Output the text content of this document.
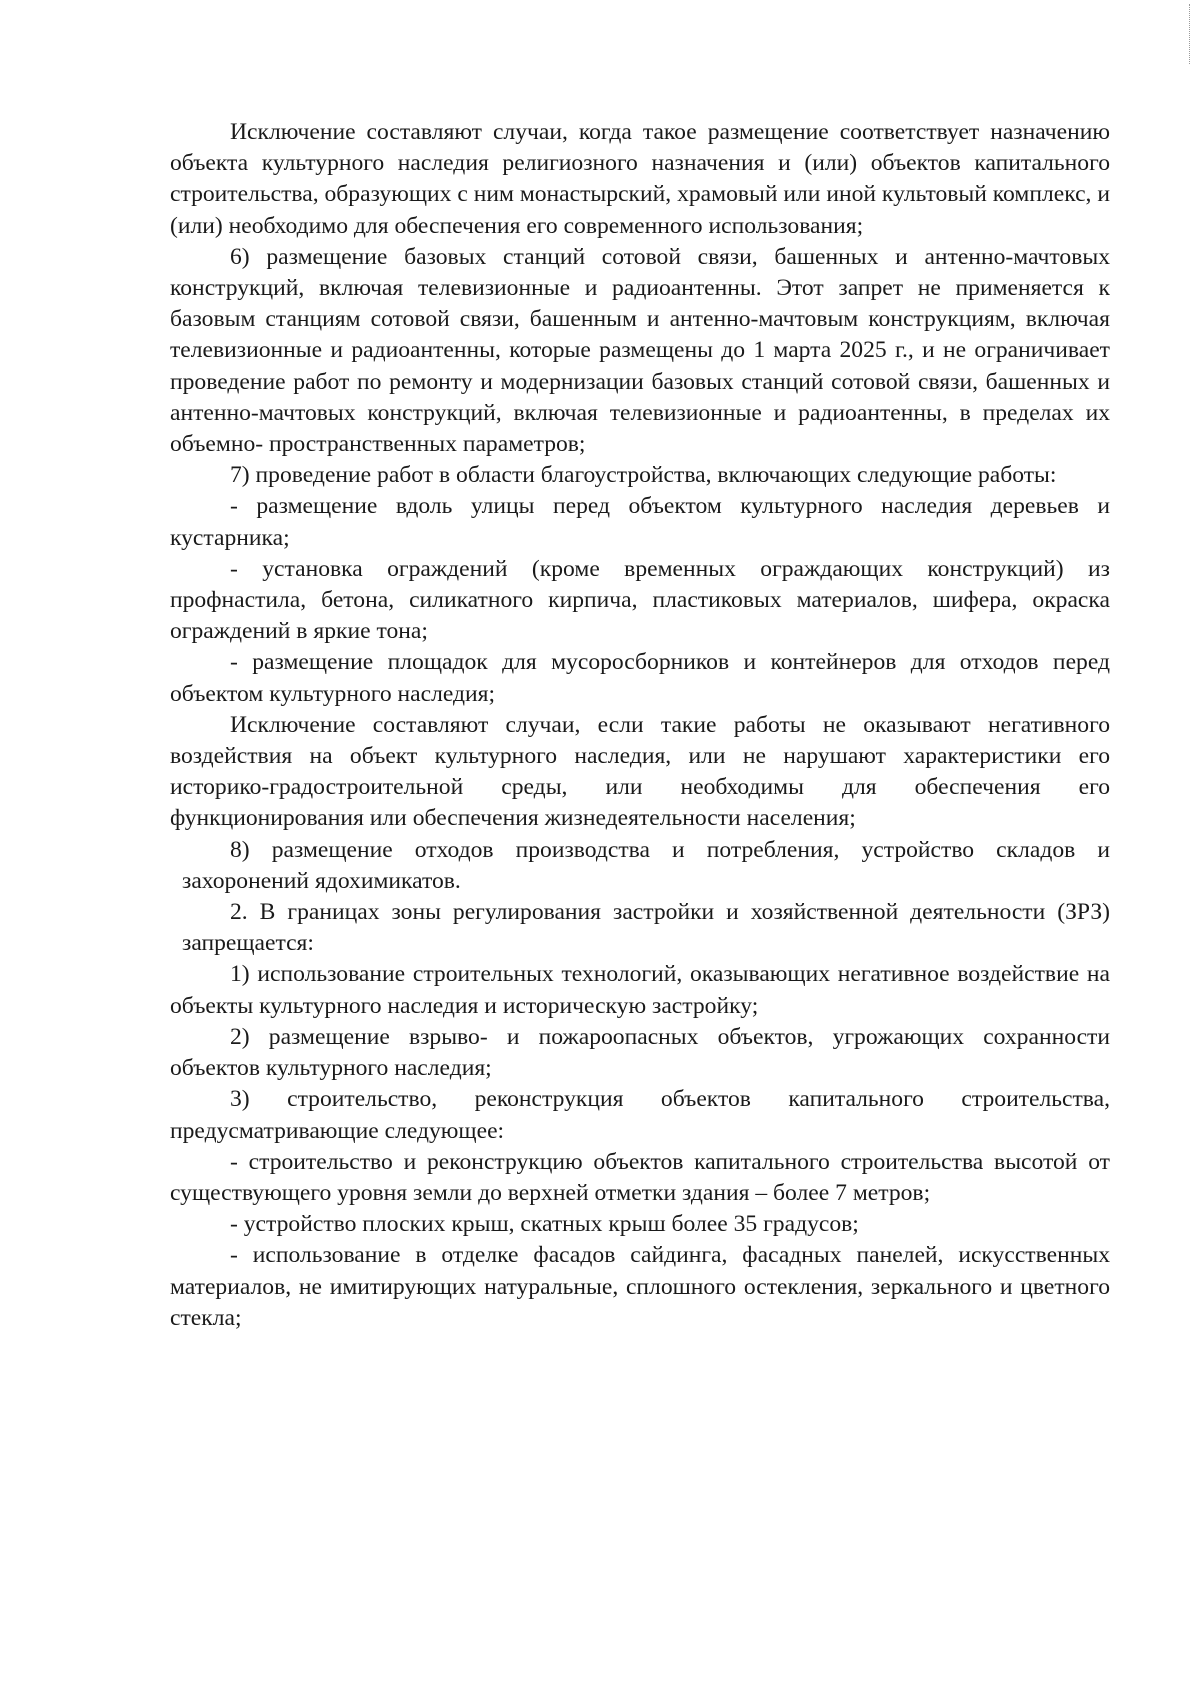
Исключение составляют случаи, когда такое размещение соответствует назначению объекта культурного наследия религиозного назначения и (или) объектов капитального строительства, образующих с ним монастырский, храмовый или иной культовый комплекс, и (или) необходимо для обеспечения его современного использования;

6) размещение базовых станций сотовой связи, башенных и антенно-мачтовых конструкций, включая телевизионные и радиоантенны. Этот запрет не применяется к базовым станциям сотовой связи, башенным и антенно-мачтовым конструкциям, включая телевизионные и радиоантенны, которые размещены до 1 марта 2025 г., и не ограничивает проведение работ по ремонту и модернизации базовых станций сотовой связи, башенных и антенно-мачтовых конструкций, включая телевизионные и радиоантенны, в пределах их объемно- пространственных параметров;

7) проведение работ в области благоустройства, включающих следующие работы:

- размещение вдоль улицы перед объектом культурного наследия деревьев и кустарника;

- установка ограждений (кроме временных ограждающих конструкций) из профнастила, бетона, силикатного кирпича, пластиковых материалов, шифера, окраска ограждений в яркие тона;

- размещение площадок для мусоросборников и контейнеров для отходов перед объектом культурного наследия;

Исключение составляют случаи, если такие работы не оказывают негативного воздействия на объект культурного наследия, или не нарушают характеристики его историко-градостроительной среды, или необходимы для обеспечения его функционирования или обеспечения жизнедеятельности населения;

8) размещение отходов производства и потребления, устройство складов и захоронений ядохимикатов.

2. В границах зоны регулирования застройки и хозяйственной деятельности (ЗРЗ) запрещается:

1) использование строительных технологий, оказывающих негативное воздействие на объекты культурного наследия и историческую застройку;

2) размещение взрыво- и пожароопасных объектов, угрожающих сохранности объектов культурного наследия;

3) строительство, реконструкция объектов капитального строительства, предусматривающие следующее:

- строительство и реконструкцию объектов капитального строительства высотой от существующего уровня земли до верхней отметки здания – более 7 метров;

- устройство плоских крыш, скатных крыш более 35 градусов;

- использование в отделке фасадов сайдинга, фасадных панелей, искусственных материалов, не имитирующих натуральные, сплошного остекления, зеркального и цветного стекла;
